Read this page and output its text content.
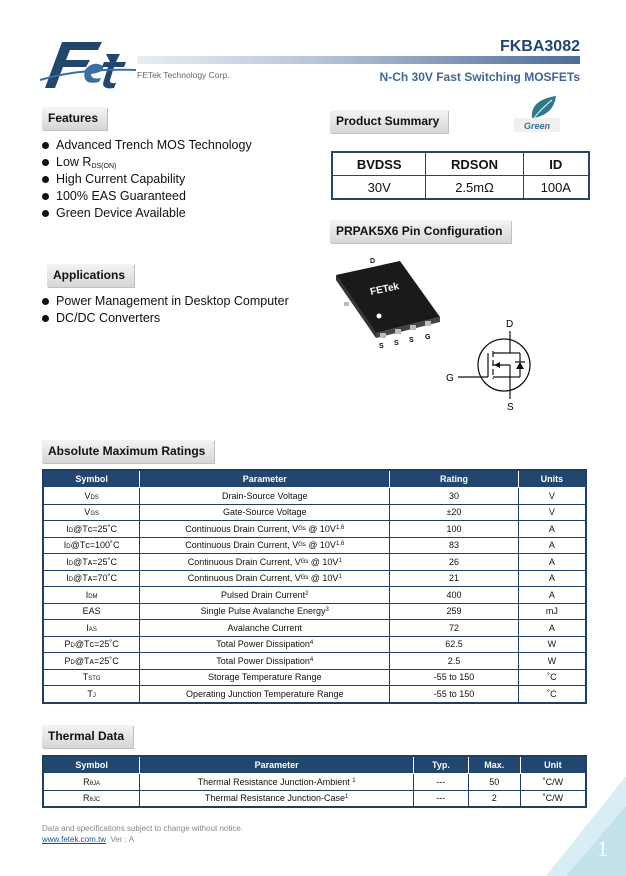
FETek Technology Corp.
FKBA3082
N-Ch 30V Fast Switching MOSFETs
Features
Advanced Trench MOS Technology
Low $R_{DS(ON)}$
High Current Capability
100% EAS Guaranteed
Green Device Available
Applications
Power Management in Desktop Computer
DC/DC Converters
Product Summary	Green
BVDSS	RDSON	ID
30V	2.5mΩ	100A
PRPAK5X6 Pin Configuration
D
FETek
S S S G
D
G
S
Absolute Maximum Ratings
Symbol	Parameter	Rating	Units
VDS	Drain-Source Voltage	30	V
VGS	Gate-Source Voltage	±20	V
ID@Tᴄ=25˚C	Continuous Drain Current, Vᴳˢ @ $10V^{1,6}$	100	A
ID@Tᴄ=100˚C	Continuous Drain Current, Vᴳˢ @ $10V^{1,6}$	83	A
ID@Tᴀ=25˚C	Continuous Drain Current, Vᴳˢ @ $10V^1$	26	A
ID@Tᴀ=70˚C	Continuous Drain Current, Vᴳˢ @ $10V^1$	21	A
IDM	Pulsed Drain Current$^2$	400	A
EAS	Single Pulse Avalanche Energy$^3$	259	mJ
IAS	Avalanche Current	72	A
PD@Tᴄ=25˚C	Total Power Dissipation$^4$	62.5	W
PD@Tᴀ=25˚C	Total Power Dissipation$^4$	2.5	W
TSTG	Storage Temperature Range	-55 to 150	˚C
TJ	Operating Junction Temperature Range	-55 to 150	˚C
Thermal Data
Symbol	Parameter	Typ.	Max.	Unit
RθJA	Thermal Resistance Junction-Ambient $^1$	---	50	˚C/W
RθJC	Thermal Resistance Junction-Case$^1$	---	2	˚C/W
Data and specifications subject to change without notice.
www.fetek.com.tw Ver : A	1
